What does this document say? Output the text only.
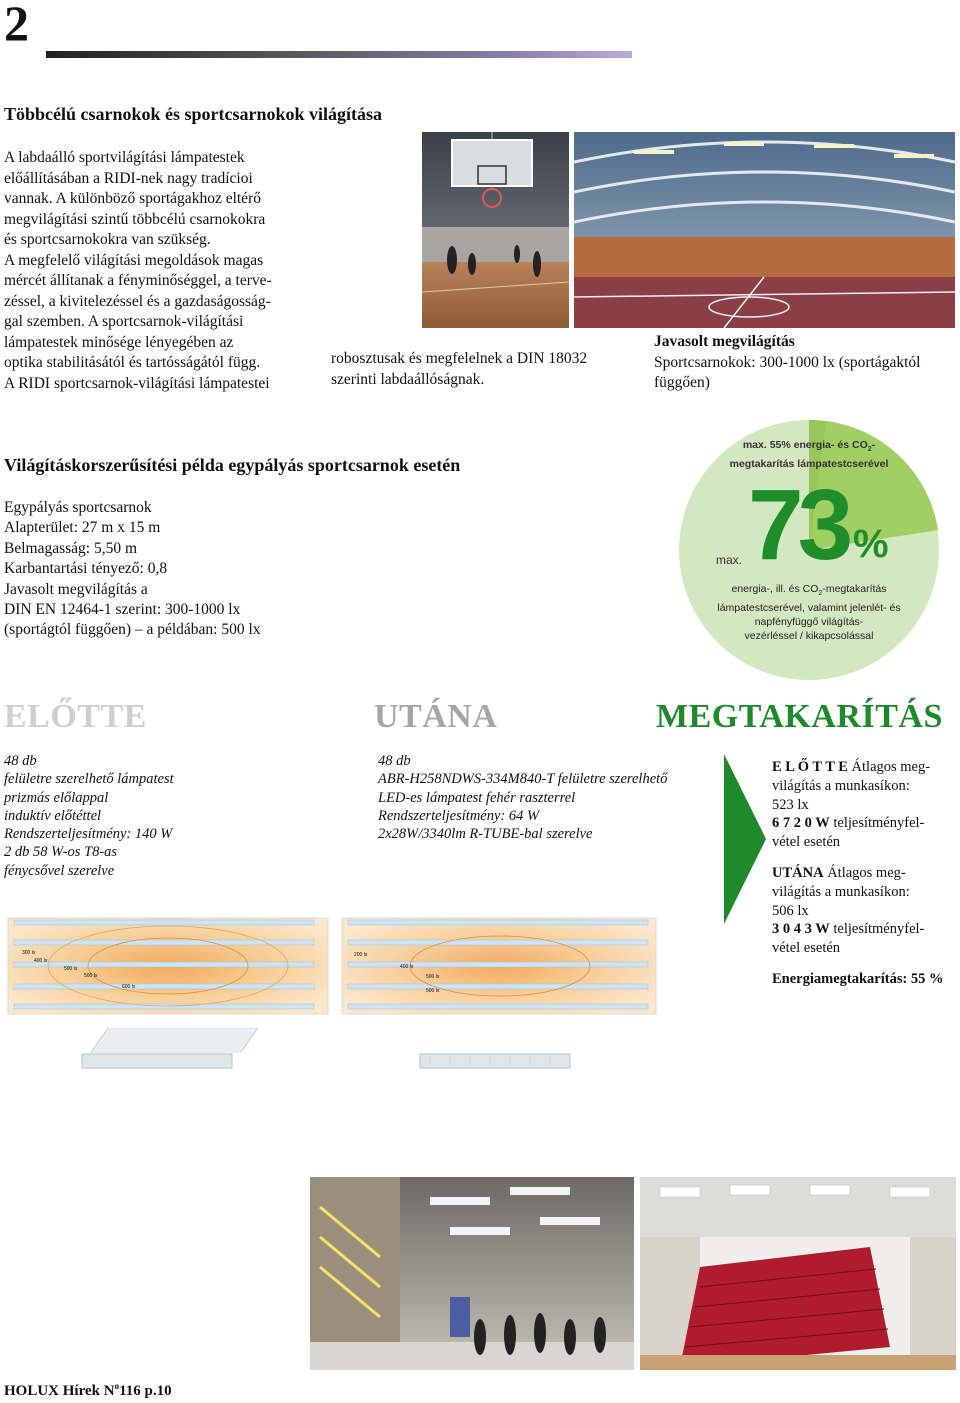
2
Többcélú csarnokok és sportcsarnokok világítása
A labdaálló sportvilágítási lámpatestek
előállításában a RIDI-nek nagy tradícioi
vannak. A különböző sportágakhoz eltérő
megvilágítási szintű többcélú csarnokokra
és sportcsarnokokra van szükség.
A megfelelő világítási megoldások magas
mércét állítanak a fényminőséggel, a terve-
zéssel, a kivitelezéssel és a gazdaságosság-
gal szemben. A sportcsarnok-világítási
lámpatestek minősége lényegében az
optika stabilitásától és tartósságától függ.
A RIDI sportcsarnok-világítási lámpatestei
robosztusak és megfelelnek a DIN 18032
szerinti labdaállóságnak.
Javasolt megvilágítás
Sportcsarnokok: 300-1000 lx (sportágaktól
függően)
Világításkorszerűsítési példa egypályás sportcsarnok esetén
Egypályás sportcsarnok
Alapterület: 27 m x 15 m
Belmagasság: 5,50 m
Karbantartási tényező: 0,8
Javasolt megvilágítás a
DIN EN 12464-1 szerint: 300-1000 lx
(sportágtól függően) – a példában: 500 lx
max. 55% energia- és $CO_2-$
megtakarítás lámpatestcserével
max. 73 %
energia-, ill. és $CO_2$-megtakarítás
lámpatestcserével, valamint jelenlét- és
napfényfüggő világítás-
vezérléssel / kikapcsolással
ELŐTTE	UTÁNA	MEGTAKARÍTÁS
48 db
felületre szerelhető lámpatest
prizmás előlappal
induktív előtéttel
Rendszerteljesítmény: 140 W
2 db 58 W-os T8-as
fénycsővel szerelve
48 db
ABR-H258NDWS-334M840-T felületre szerelhető
LED-es lámpatest fehér raszterrel
Rendszerteljesítmény: 64 W
2x28W/3340lm R-TUBE-bal szerelve
E L Ő T T E Átlagos meg-
világítás a munkasíkon:
523 lx
6 7 2 0 W teljesítményfel-
vétel esetén
UTÁNA Átlagos meg-
világítás a munkasíkon:
506 lx
3 0 4 3 W teljesítményfel-
vétel esetén
Energiamegtakarítás: 55 %
300 lx
400 lx
500 lx
500 lx
600 lx
200 lx
400 lx
500 lx
500 lx
HOLUX Hírek $N^o116$ p.10
